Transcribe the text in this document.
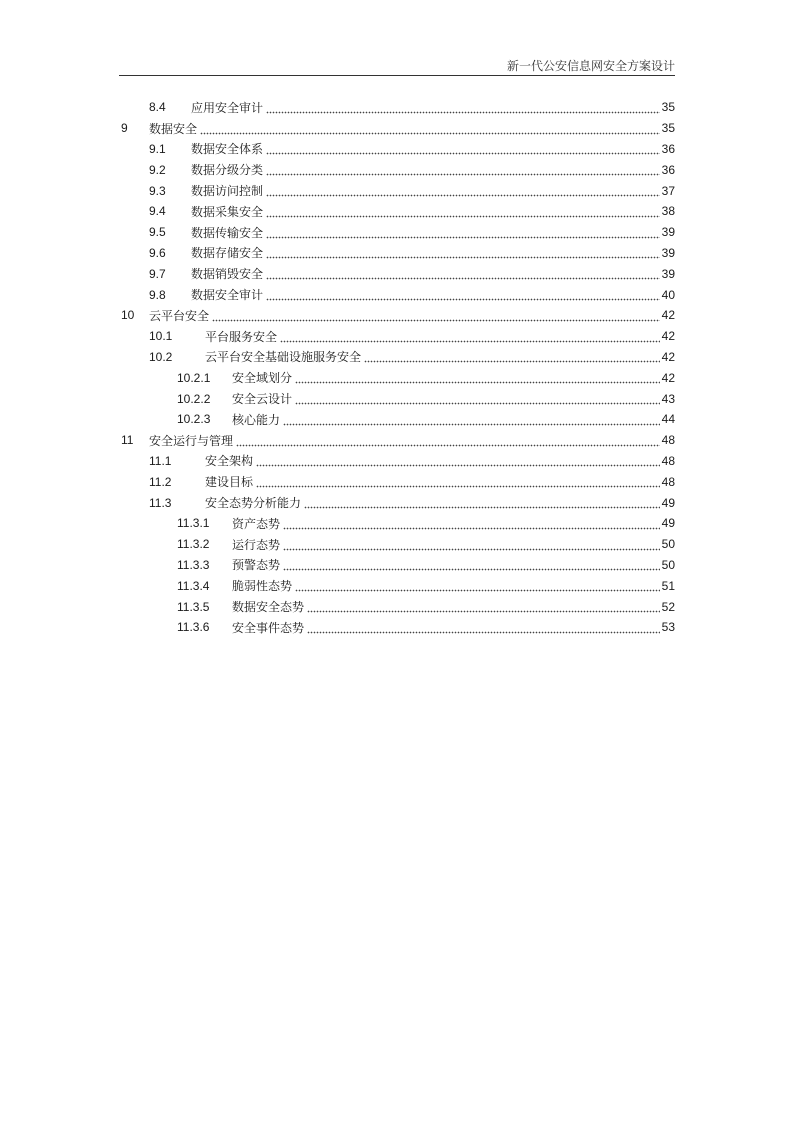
新一代公安信息网安全方案设计
8.4 应用安全审计	35
9 数据安全	35
9.1 数据安全体系	36
9.2 数据分级分类	36
9.3 数据访问控制	37
9.4 数据采集安全	38
9.5 数据传输安全	39
9.6 数据存储安全	39
9.7 数据销毁安全	39
9.8 数据安全审计	40
10 云平台安全	42
10.1	平台服务安全	42
10.2	云平台安全基础设施服务安全	42
10.2.1 安全域划分	42
10.2.2 安全云设计	43
10.2.3 核心能力	44
11 安全运行与管理	48
11.1	安全架构	48
11.2	建设目标	48
11.3	安全态势分析能力	49
11.3.1 资产态势	49
11.3.2 运行态势	50
11.3.3 预警态势	50
11.3.4 脆弱性态势	51
11.3.5 数据安全态势	52
11.3.6 安全事件态势	53
